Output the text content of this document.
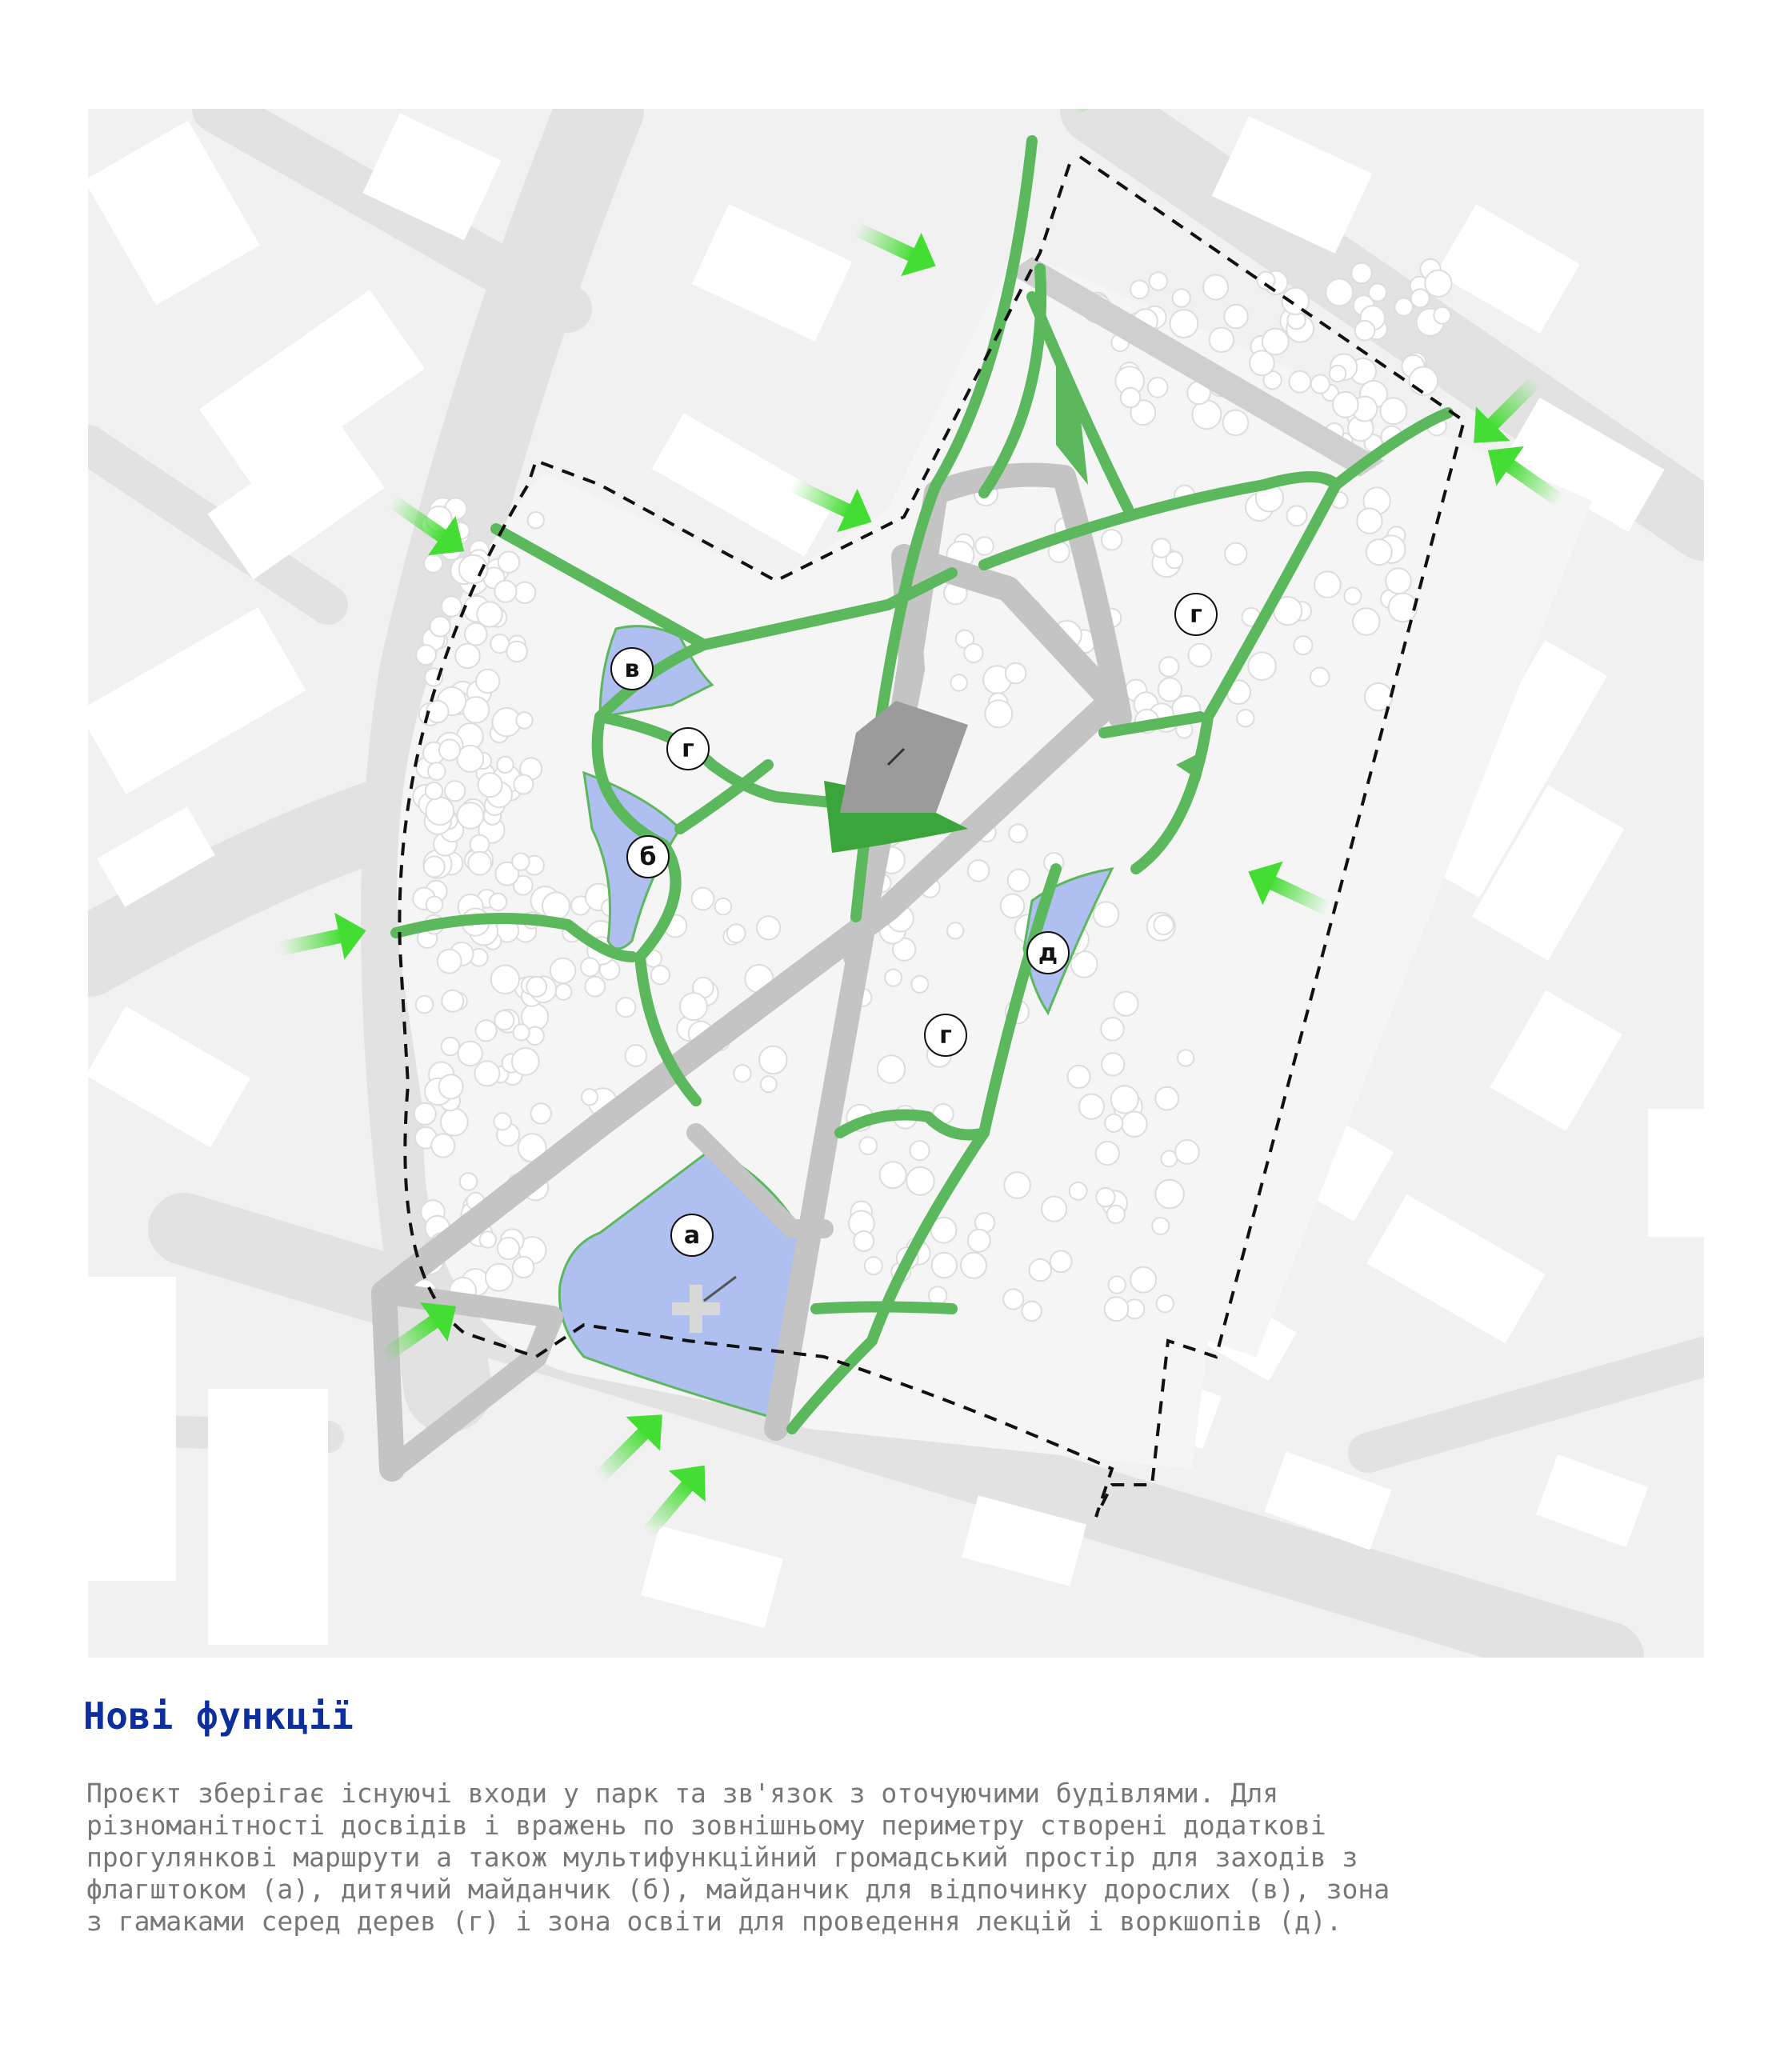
а
б
в
г
г
г
д
Нові функції

Проєкт зберігає існуючі входи у парк та зв'язок з оточуючими будівлями. Для
різноманітності досвідів і вражень по зовнішньому периметру створені додаткові
прогулянкові маршрути а також мультифункційний громадський простір для заходів з
флагштоком (а), дитячий майданчик (б), майданчик для відпочинку дорослих (в), зона
з гамаками серед дерев (г) і зона освіти для проведення лекцій і воркшопів (д).
